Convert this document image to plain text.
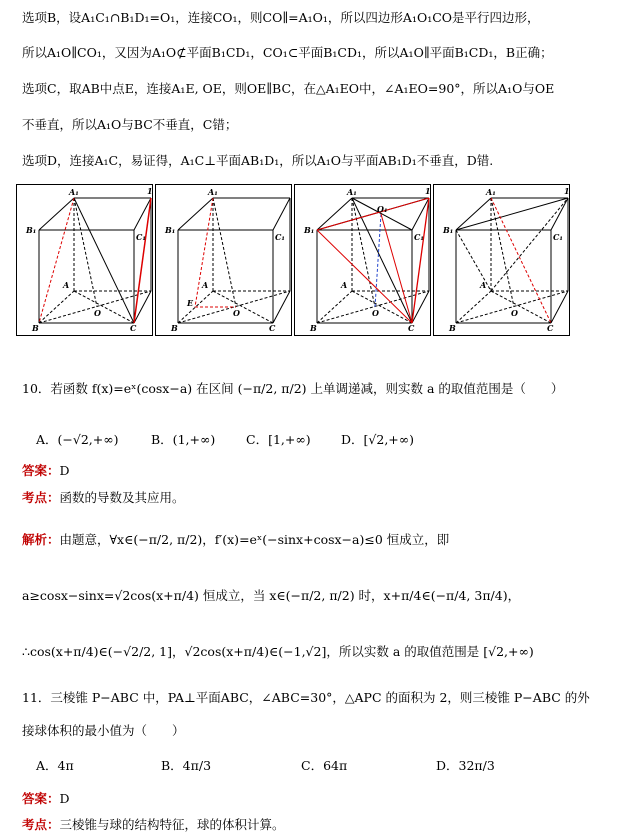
选项B，设A₁C₁∩B₁D₁=O₁，连接CO₁，则CO∥=A₁O₁，所以四边形A₁O₁CO是平行四边形，
所以A₁O∥CO₁，又因为A₁O⊄平面B₁CD₁，CO₁⊂平面B₁CD₁，所以A₁O∥平面B₁CD₁，B正确；
选项C，取AB中点E，连接A₁E, OE，则OE∥BC，在△A₁EO中，∠A₁EO=90°，所以A₁O与OE
不垂直，所以A₁O与BC不垂直，C错；
选项D，连接A₁C，易证得，A₁C⊥平面AB₁D₁，所以A₁O与平面AB₁D₁不垂直，D错.
A₁
B₁
C₁
A
B	C
O
1	A₁
B₁
C₁
A
B	C
O
E
A₁
B₁
C₁
A
B	C
O
O₁
1	A₁
B₁
C₁
A
B	C
O
1
10．若函数 f(x)=eˣ(cosx−a) 在区间 (−π/2, π/2) 上单调递减，则实数 a 的取值范围是（　　）
A．(−√2,+∞)	B．(1,+∞) C．[1,+∞) D．[√2,+∞)
答案：D
考点：函数的导数及其应用。
解析：由题意，∀x∈(−π/2, π/2)，f′(x)=eˣ(−sinx+cosx−a)≤0 恒成立，即
a≥cosx−sinx=√2cos(x+π/4) 恒成立，当 x∈(−π/2, π/2) 时，x+π/4∈(−π/4, 3π/4)，
∴cos(x+π/4)∈(−√2/2, 1]，√2cos(x+π/4)∈(−1,√2]，所以实数 a 的取值范围是 [√2,+∞)
11．三棱锥 P−ABC 中，PA⊥平面ABC，∠ABC=30°，△APC 的面积为 2，则三棱锥 P−ABC 的外
接球体积的最小值为（　　）
A．4π	B．4π/3	C．64π	D．32π/3
答案：D
考点：三棱锥与球的结构特征，球的体积计算。
